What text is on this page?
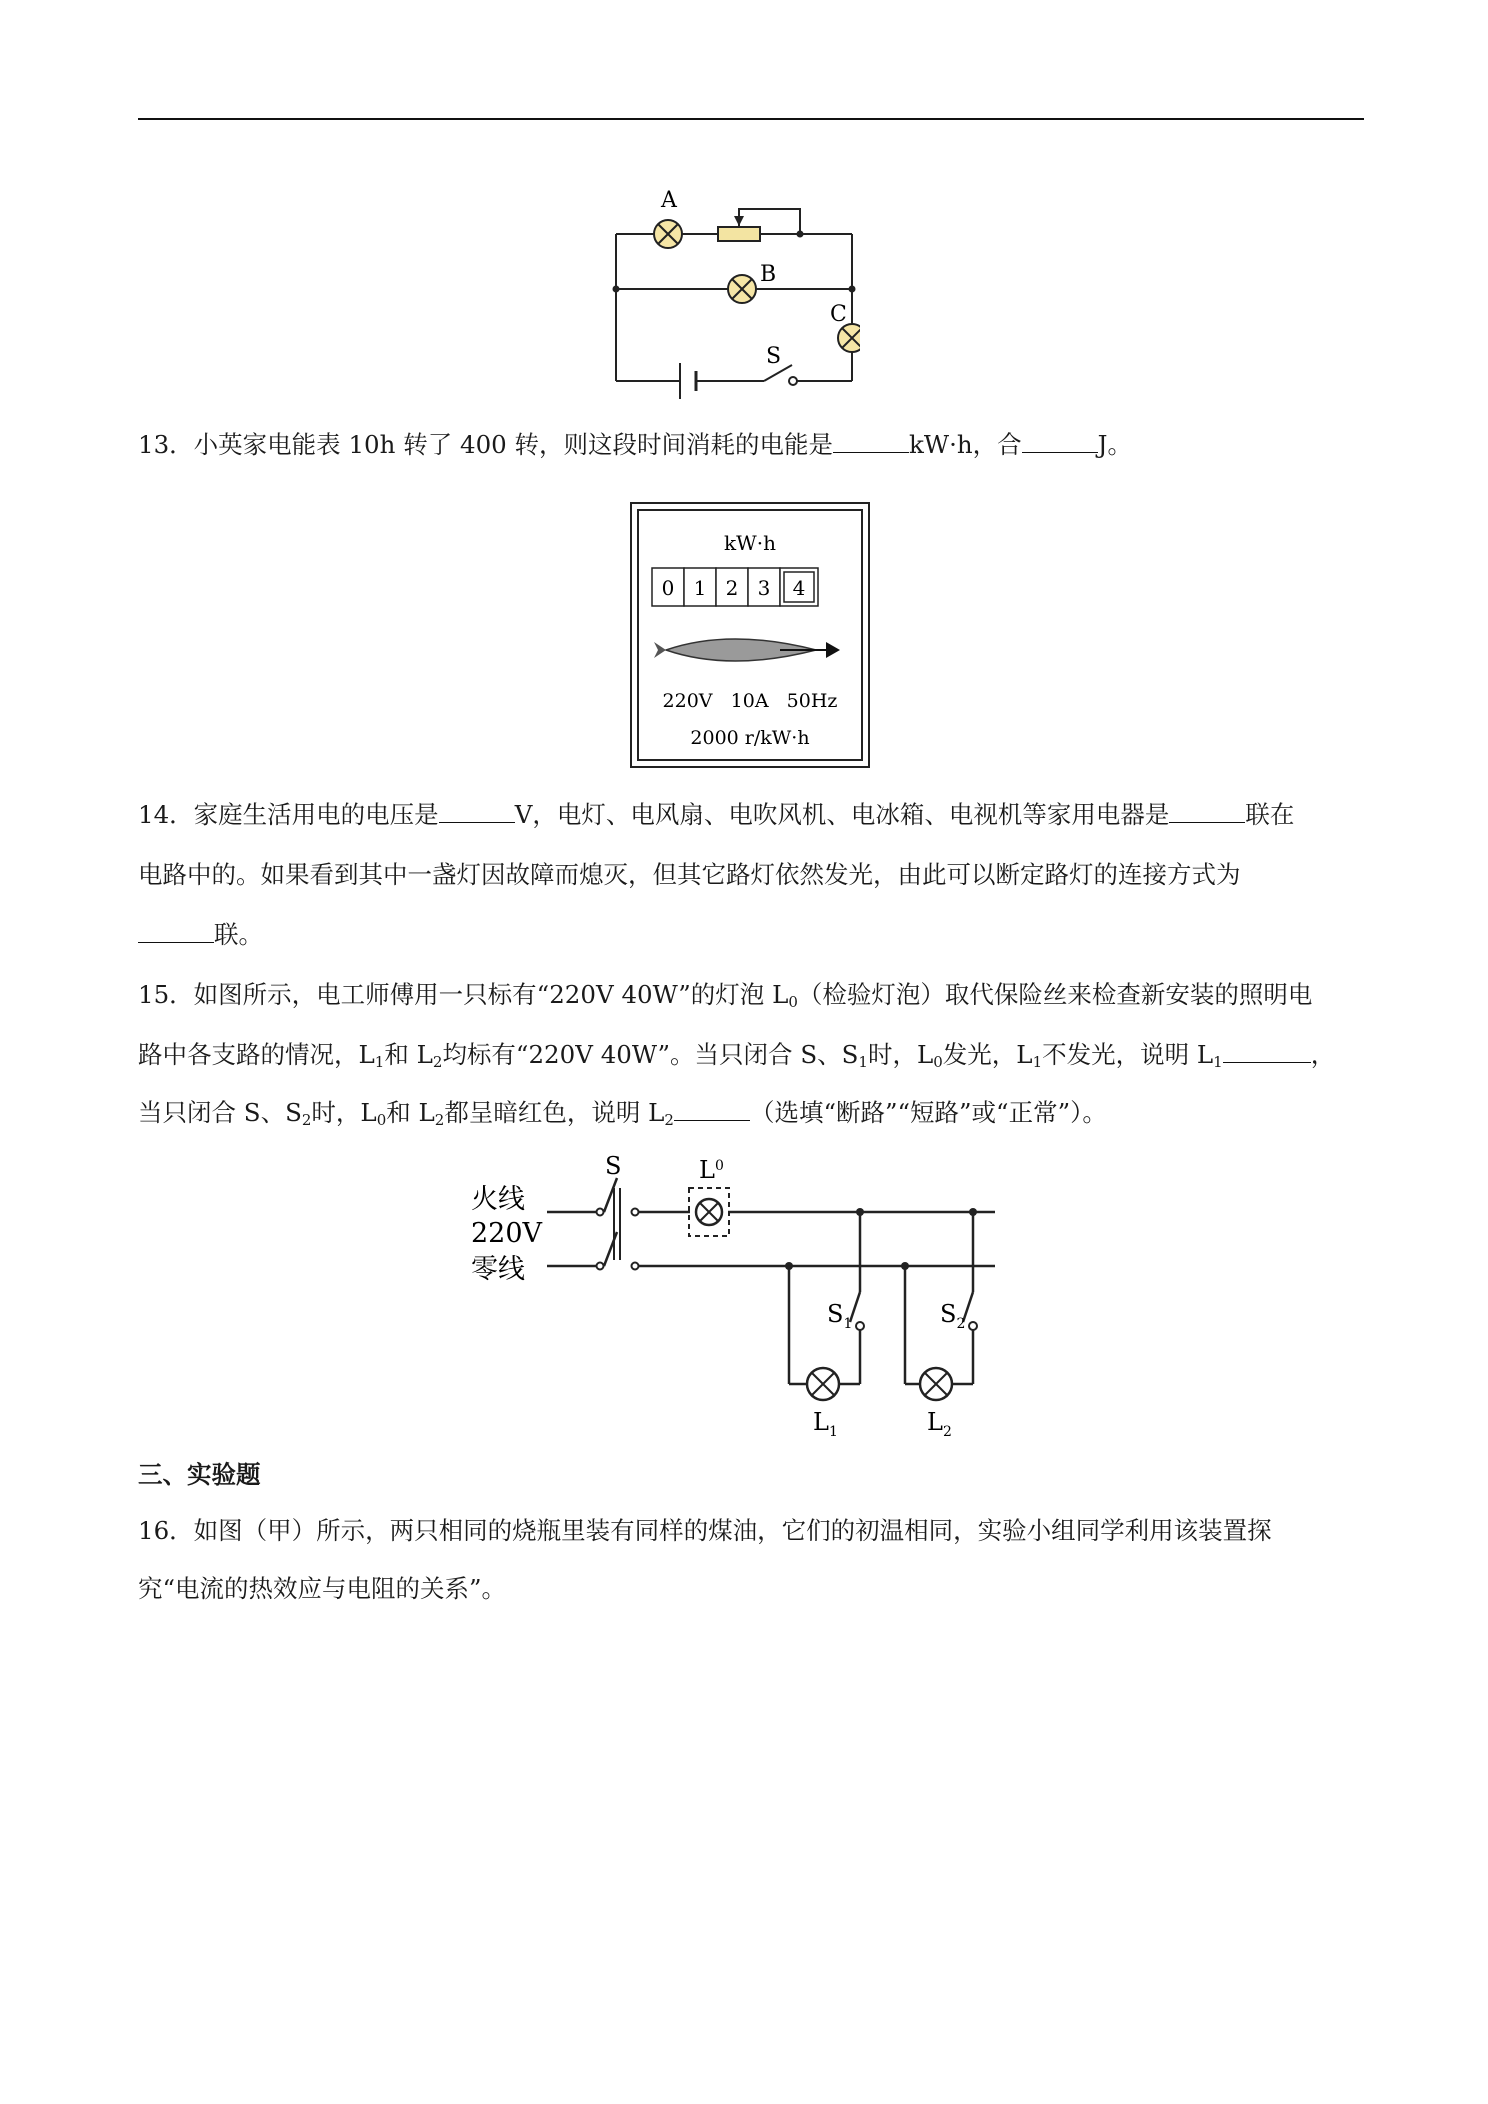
A
B
C
S
13．小英家电能表 10h 转了 400 转，则这段时间消耗的电能是	kW·h，合	J。
kW·h
0 1 2 3 4
220V   10A   50Hz
2000 r/kW·h
14．家庭生活用电的电压是	V，电灯、电风扇、电吹风机、电冰箱、电视机等家用电器是	联在
电路中的。如果看到其中一盏灯因故障而熄灭，但其它路灯依然发光，由此可以断定路灯的连接方式为
联。
15．如图所示，电工师傅用一只标有“220V 40W”的灯泡 $L_0$（检验灯泡）取代保险丝来检查新安装的照明电
路中各支路的情况，$L_1$和 $L_2$均标有“220V 40W”。当只闭合 S、$S_1$时，$L_0$发光，$L_1$不发光，说明 $L_1$	，
当只闭合 S、$S_2$时，$L_0$和 $L_2$都呈暗红色，说明 $L_2$	（选填“断路”“短路”或“正常”）。
火线
220V
零线
S	$L^0$
$S_1$	$S_2$
$L_1$	$L_2$
三、实验题
16．如图（甲）所示，两只相同的烧瓶里装有同样的煤油，它们的初温相同，实验小组同学利用该装置探
究“电流的热效应与电阻的关系”。
